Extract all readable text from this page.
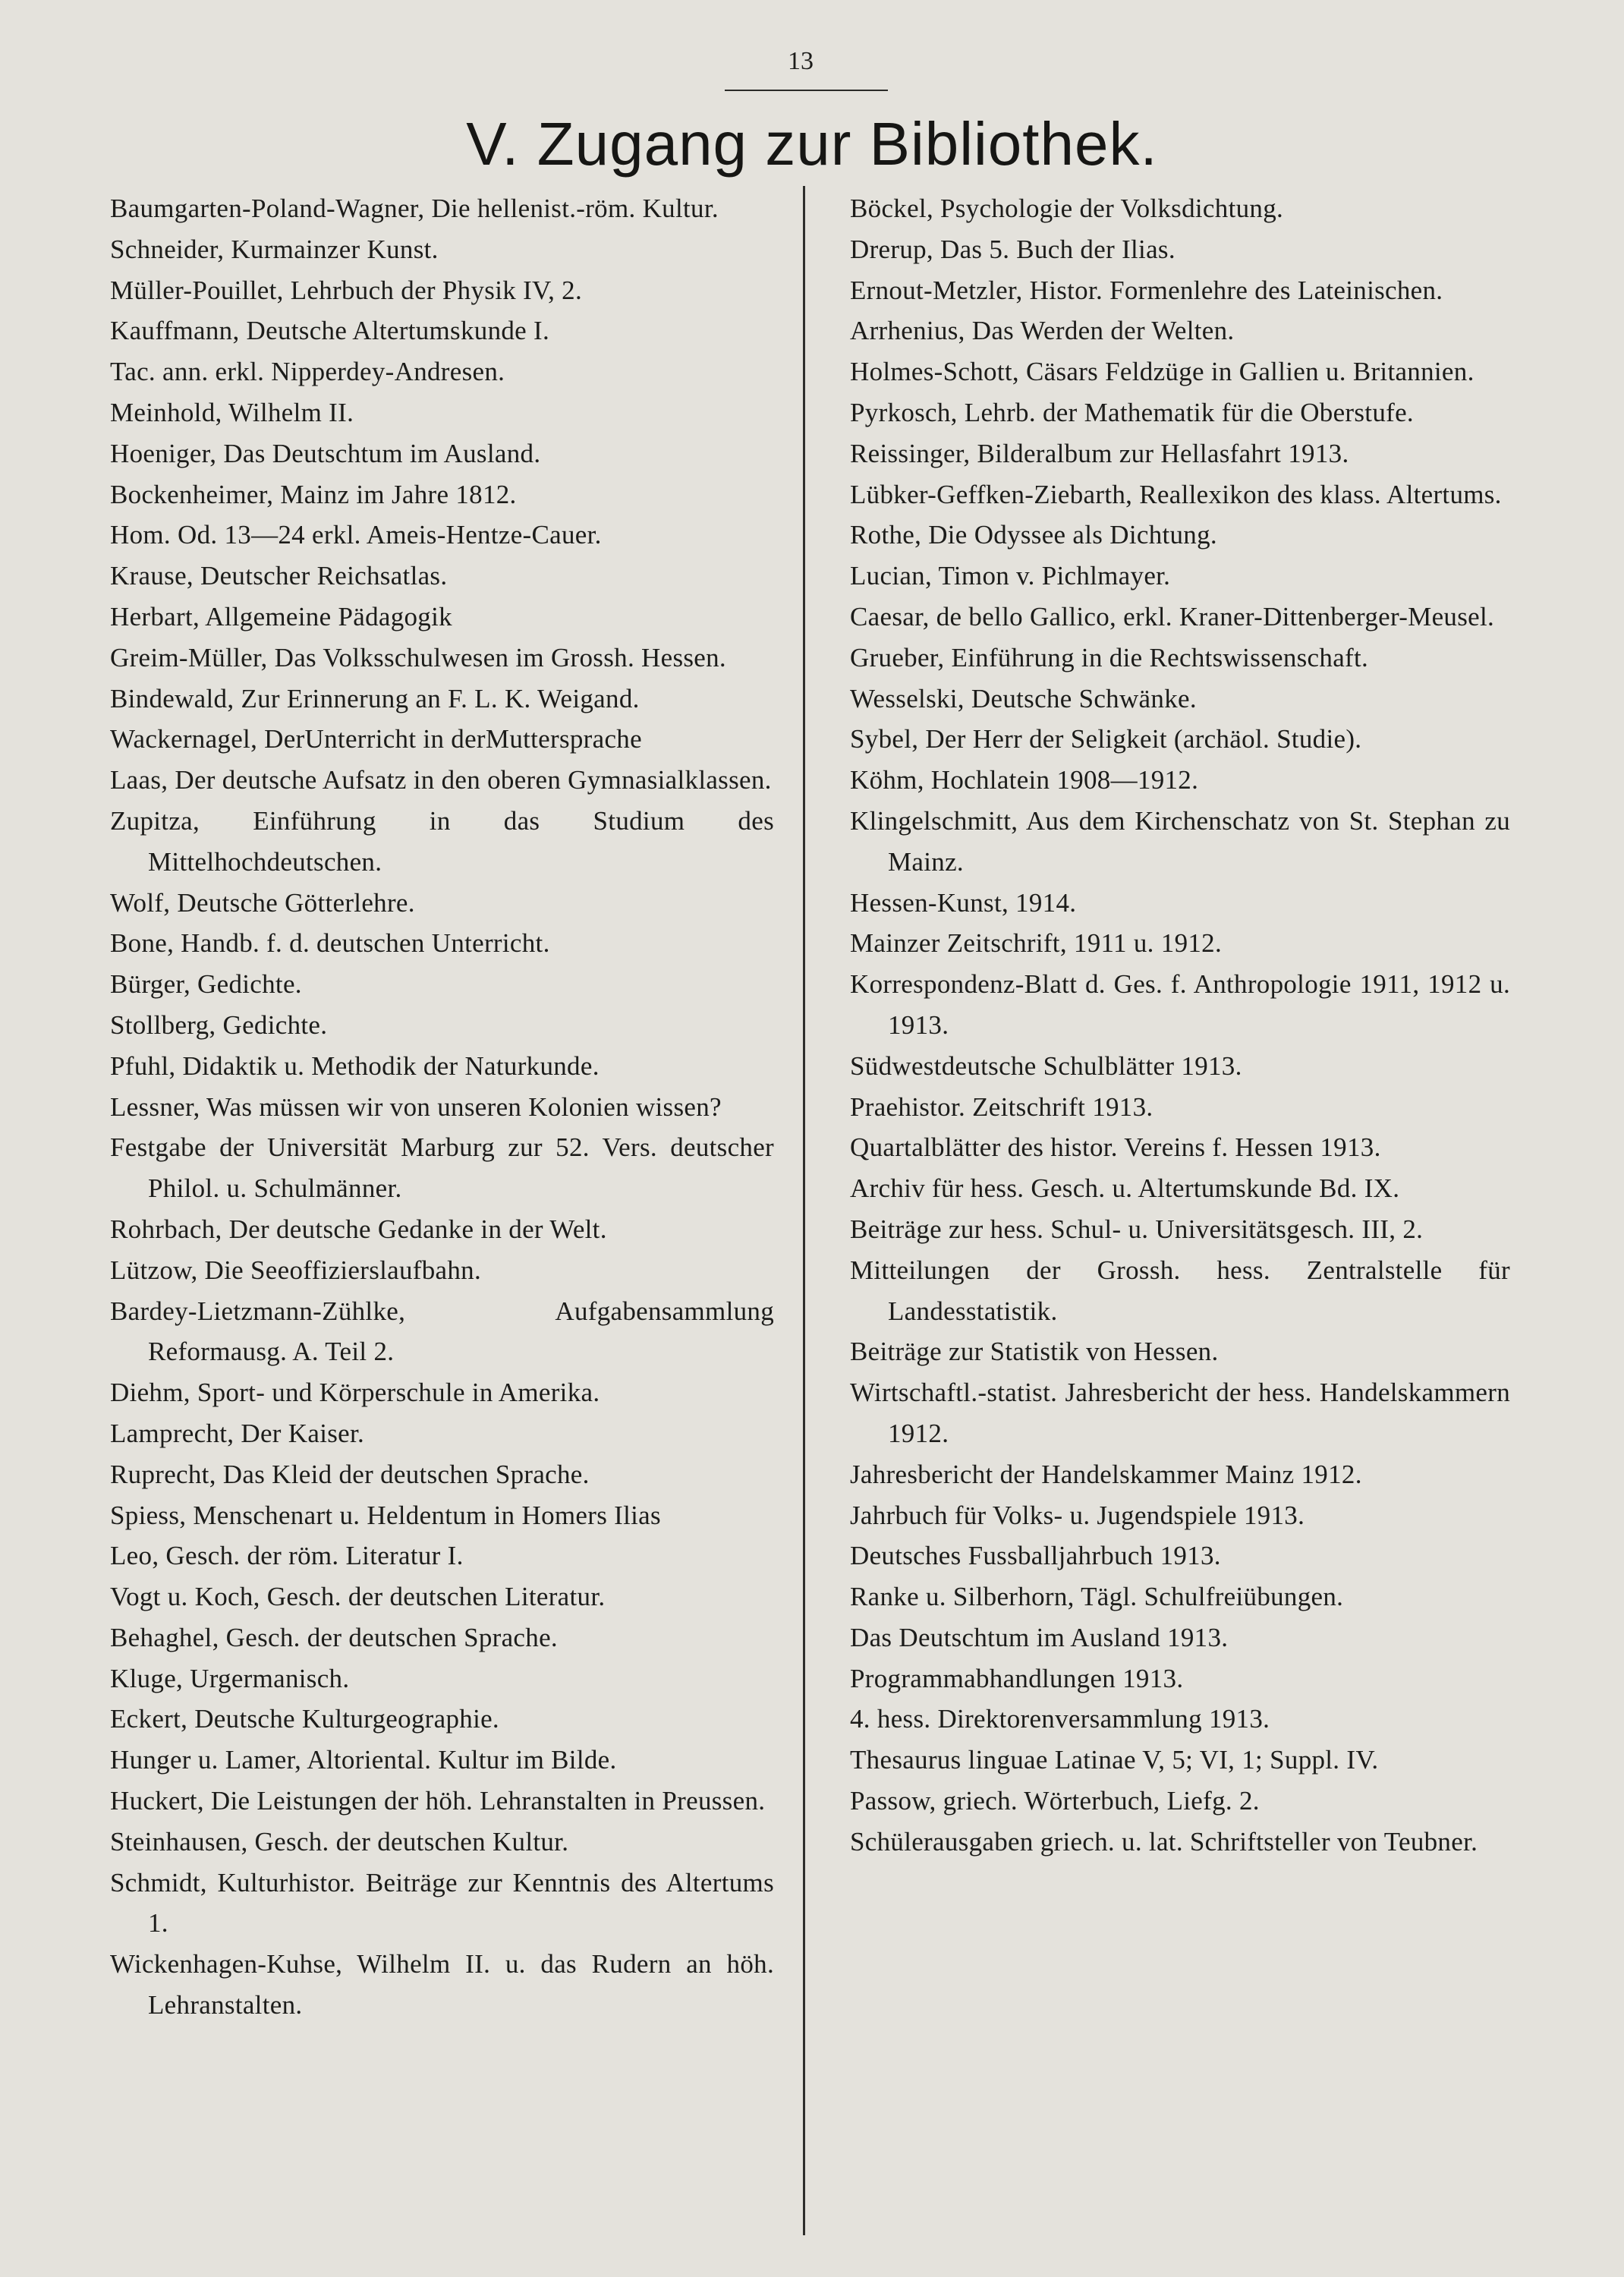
13
V. Zugang zur Bibliothek.
Baumgarten-Poland-Wagner, Die hellenist.-röm. Kultur.
Schneider, Kurmainzer Kunst.
Müller-Pouillet, Lehrbuch der Physik IV, 2.
Kauffmann, Deutsche Altertumskunde I.
Tac. ann. erkl. Nipperdey-Andresen.
Meinhold, Wilhelm II.
Hoeniger, Das Deutschtum im Ausland.
Bockenheimer, Mainz im Jahre 1812.
Hom. Od. 13—24 erkl. Ameis-Hentze-Cauer.
Krause, Deutscher Reichsatlas.
Herbart, Allgemeine Pädagogik
Greim-Müller, Das Volksschulwesen im Grossh. Hessen.
Bindewald, Zur Erinnerung an F. L. K. Weigand.
Wackernagel, DerUnterricht in derMuttersprache
Laas, Der deutsche Aufsatz in den oberen Gymnasialklassen.
Zupitza, Einführung in das Studium des Mittelhochdeutschen.
Wolf, Deutsche Götterlehre.
Bone, Handb. f. d. deutschen Unterricht.
Bürger, Gedichte.
Stollberg, Gedichte.
Pfuhl, Didaktik u. Methodik der Naturkunde.
Lessner, Was müssen wir von unseren Kolonien wissen?
Festgabe der Universität Marburg zur 52. Vers. deutscher Philol. u. Schulmänner.
Rohrbach, Der deutsche Gedanke in der Welt.
Lützow, Die Seeoffizierslaufbahn.
Bardey-Lietzmann-Zühlke, Aufgabensammlung Reformausg. A. Teil 2.
Diehm, Sport- und Körperschule in Amerika.
Lamprecht, Der Kaiser.
Ruprecht, Das Kleid der deutschen Sprache.
Spiess, Menschenart u. Heldentum in Homers Ilias
Leo, Gesch. der röm. Literatur I.
Vogt u. Koch, Gesch. der deutschen Literatur.
Behaghel, Gesch. der deutschen Sprache.
Kluge, Urgermanisch.
Eckert, Deutsche Kulturgeographie.
Hunger u. Lamer, Altoriental. Kultur im Bilde.
Huckert, Die Leistungen der höh. Lehranstalten in Preussen.
Steinhausen, Gesch. der deutschen Kultur.
Schmidt, Kulturhistor. Beiträge zur Kenntnis des Altertums 1.
Wickenhagen-Kuhse, Wilhelm II. u. das Rudern an höh. Lehranstalten.
Böckel, Psychologie der Volksdichtung.
Drerup, Das 5. Buch der Ilias.
Ernout-Metzler, Histor. Formenlehre des Lateinischen.
Arrhenius, Das Werden der Welten.
Holmes-Schott, Cäsars Feldzüge in Gallien u. Britannien.
Pyrkosch, Lehrb. der Mathematik für die Oberstufe.
Reissinger, Bilderalbum zur Hellasfahrt 1913.
Lübker-Geffken-Ziebarth, Reallexikon des klass. Altertums.
Rothe, Die Odyssee als Dichtung.
Lucian, Timon v. Pichlmayer.
Caesar, de bello Gallico, erkl. Kraner-Dittenberger-Meusel.
Grueber, Einführung in die Rechtswissenschaft.
Wesselski, Deutsche Schwänke.
Sybel, Der Herr der Seligkeit (archäol. Studie).
Köhm, Hochlatein 1908—1912.
Klingelschmitt, Aus dem Kirchenschatz von St. Stephan zu Mainz.
Hessen-Kunst, 1914.
Mainzer Zeitschrift, 1911 u. 1912.
Korrespondenz-Blatt d. Ges. f. Anthropologie 1911, 1912 u. 1913.
Südwestdeutsche Schulblätter 1913.
Praehistor. Zeitschrift 1913.
Quartalblätter des histor. Vereins f. Hessen 1913.
Archiv für hess. Gesch. u. Altertumskunde Bd. IX.
Beiträge zur hess. Schul- u. Universitätsgesch. III, 2.
Mitteilungen der Grossh. hess. Zentralstelle für Landesstatistik.
Beiträge zur Statistik von Hessen.
Wirtschaftl.-statist. Jahresbericht der hess. Handelskammern 1912.
Jahresbericht der Handelskammer Mainz 1912.
Jahrbuch für Volks- u. Jugendspiele 1913.
Deutsches Fussballjahrbuch 1913.
Ranke u. Silberhorn, Tägl. Schulfreiübungen.
Das Deutschtum im Ausland 1913.
Programmabhandlungen 1913.
4. hess. Direktorenversammlung 1913.
Thesaurus linguae Latinae V, 5; VI, 1; Suppl. IV.
Passow, griech. Wörterbuch, Liefg. 2.
Schülerausgaben griech. u. lat. Schriftsteller von Teubner.
